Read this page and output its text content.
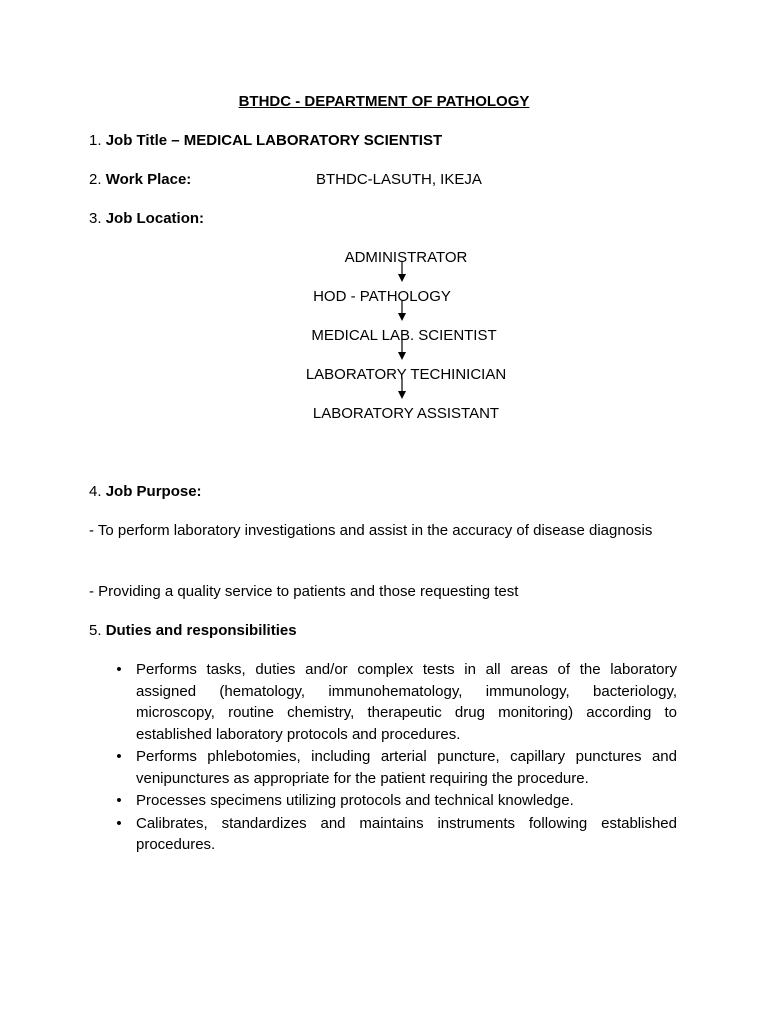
BTHDC - DEPARTMENT OF PATHOLOGY
1. Job Title – MEDICAL LABORATORY SCIENTIST
2. Work Place:	BTHDC-LASUTH, IKEJA
3. Job Location:
ADMINISTRATOR
HOD - PATHOLOGY
MEDICAL LAB. SCIENTIST
LABORATORY TECHINICIAN
LABORATORY ASSISTANT
4. Job Purpose:
- To perform laboratory investigations and assist in the accuracy of disease diagnosis
- Providing a quality service to patients and those requesting test
5. Duties and responsibilities
• Performs tasks, duties and/or complex tests in all areas of the laboratory assigned (hematology, immunohematology, immunology, bacteriology, microscopy, routine chemistry, therapeutic drug monitoring) according to established laboratory protocols and procedures.
• Performs phlebotomies, including arterial puncture, capillary punctures and venipunctures as appropriate for the patient requiring the procedure.
• Processes specimens utilizing protocols and technical knowledge.
• Calibrates, standardizes and maintains instruments following established procedures.
